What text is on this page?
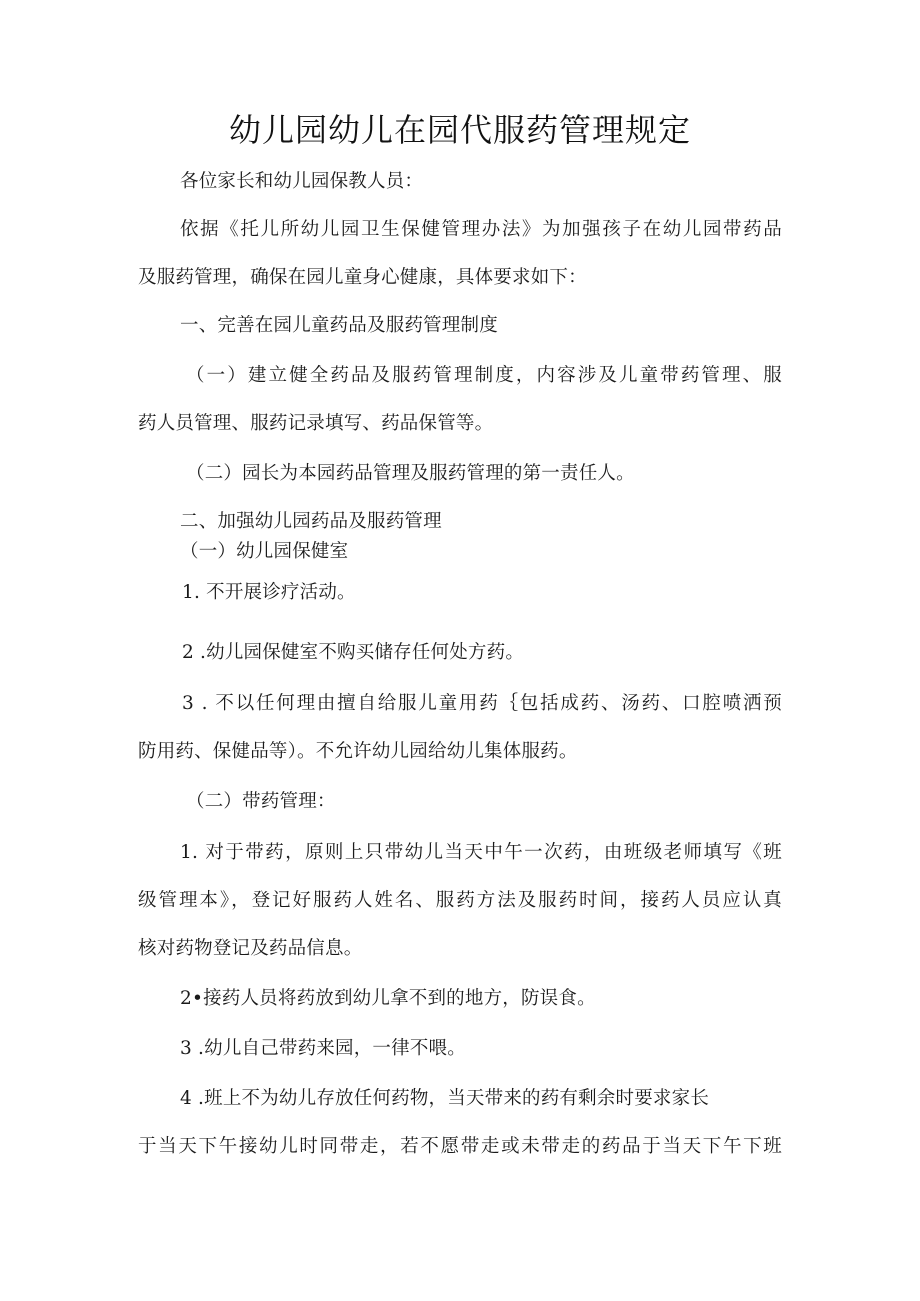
幼儿园幼儿在园代服药管理规定
各位家长和幼儿园保教人员：
依据《托儿所幼儿园卫生保健管理办法》为加强孩子在幼儿园带药品
及服药管理，确保在园儿童身心健康，具体要求如下：
一、完善在园儿童药品及服药管理制度
（一）建立健全药品及服药管理制度，内容涉及儿童带药管理、服
药人员管理、服药记录填写、药品保管等。
（二）园长为本园药品管理及服药管理的第一责任人。
二、加强幼儿园药品及服药管理
（一）幼儿园保健室
1. 不开展诊疗活动。
2 .幼儿园保健室不购买储存任何处方药。
3 . 不以任何理由擅自给服儿童用药｛包括成药、汤药、口腔喷洒预
防用药、保健品等）。不允许幼儿园给幼儿集体服药。
（二）带药管理：
1. 对于带药，原则上只带幼儿当天中午一次药，由班级老师填写《班
级管理本》，登记好服药人姓名、服药方法及服药时间，接药人员应认真
核对药物登记及药品信息。
2•接药人员将药放到幼儿拿不到的地方，防误食。
3 .幼儿自己带药来园，一律不喂。
4 .班上不为幼儿存放任何药物，当天带来的药有剩余时要求家长
于当天下午接幼儿时同带走，若不愿带走或未带走的药品于当天下午下班
